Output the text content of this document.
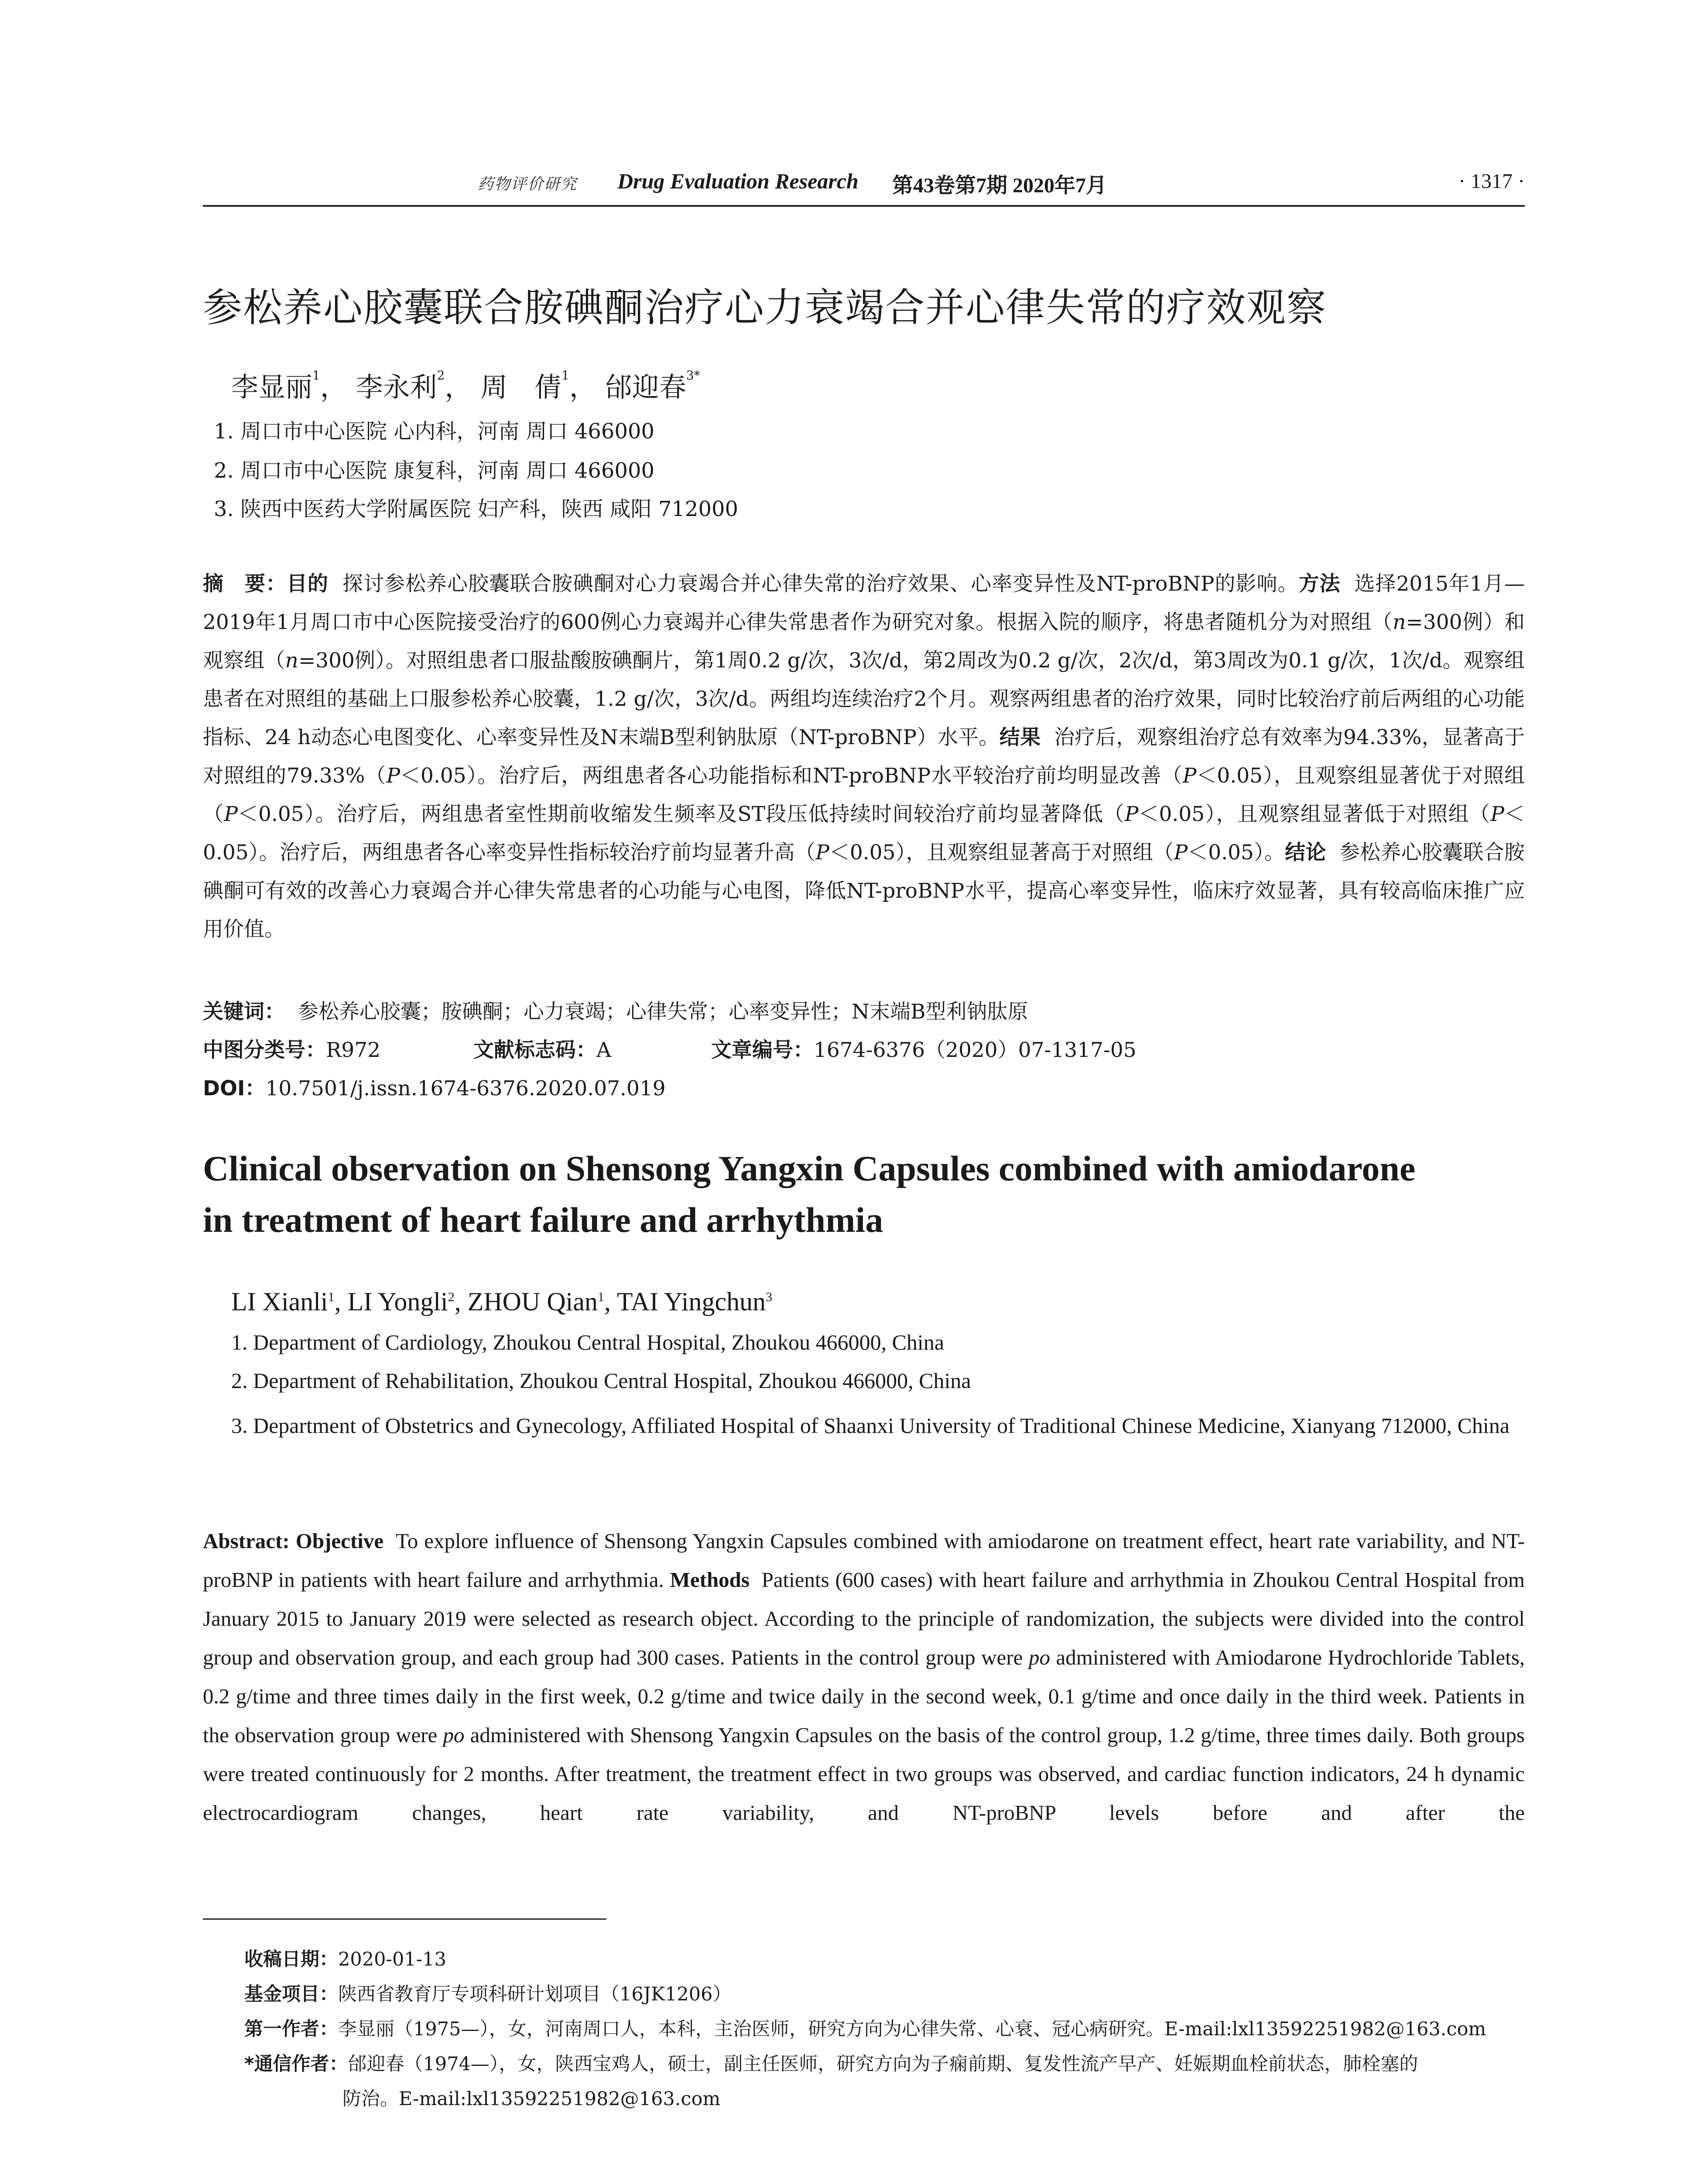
药物评价研究 Drug Evaluation Research 第43卷第7期 2020年7月	· 1317 ·
参松养心胶囊联合胺碘酮治疗心力衰竭合并心律失常的疗效观察
李显丽$^1$， 李永利$^2$， 周　倩$^1$， 邰迎春$^{3*}$
1. 周口市中心医院 心内科，河南 周口 466000
2. 周口市中心医院 康复科，河南 周口 466000
3. 陕西中医药大学附属医院 妇产科，陕西 咸阳 712000
摘　要：目的 探讨参松养心胶囊联合胺碘酮对心力衰竭合并心律失常的治疗效果、心率变异性及NT-proBNP的影响。方法 选择2015年1月—2019年1月周口市中心医院接受治疗的600例心力衰竭并心律失常患者作为研究对象。根据入院的顺序，将患者随机分为对照组（n=300例）和观察组（n=300例）。对照组患者口服盐酸胺碘酮片，第1周0.2 g/次，3次/d，第2周改为0.2 g/次，2次/d，第3周改为0.1 g/次，1次/d。观察组患者在对照组的基础上口服参松养心胶囊，1.2 g/次，3次/d。两组均连续治疗2个月。观察两组患者的治疗效果，同时比较治疗前后两组的心功能指标、24 h动态心电图变化、心率变异性及N末端B型利钠肽原（NT-proBNP）水平。结果 治疗后，观察组治疗总有效率为94.33%，显著高于对照组的79.33%（P＜0.05）。治疗后，两组患者各心功能指标和NT-proBNP水平较治疗前均明显改善（P＜0.05），且观察组显著优于对照组（P＜0.05）。治疗后，两组患者室性期前收缩发生频率及ST段压低持续时间较治疗前均显著降低（P＜0.05），且观察组显著低于对照组（P＜0.05）。治疗后，两组患者各心率变异性指标较治疗前均显著升高（P＜0.05），且观察组显著高于对照组（P＜0.05）。结论 参松养心胶囊联合胺碘酮可有效的改善心力衰竭合并心律失常患者的心功能与心电图，降低NT-proBNP水平，提高心率变异性，临床疗效显著，具有较高临床推广应用价值。
关键词： 参松养心胶囊；胺碘酮；心力衰竭；心律失常；心率变异性；N末端B型利钠肽原
中图分类号：R972	文献标志码：A	文章编号：1674-6376（2020）07-1317-05
DOI：10.7501/j.issn.1674-6376.2020.07.019
Clinical observation on Shensong Yangxin Capsules combined with amiodarone
in treatment of heart failure and arrhythmia
LI Xianli$^1$, LI Yongli$^2$, ZHOU Qian$^1$, TAI Yingchun$^3$
1. Department of Cardiology, Zhoukou Central Hospital, Zhoukou 466000, China
2. Department of Rehabilitation, Zhoukou Central Hospital, Zhoukou 466000, China
3. Department of Obstetrics and Gynecology, Affiliated Hospital of Shaanxi University of Traditional Chinese Medicine, Xianyang 712000, China
Abstract: Objective To explore influence of Shensong Yangxin Capsules combined with amiodarone on treatment effect, heart rate variability, and NT-proBNP in patients with heart failure and arrhythmia. Methods Patients (600 cases) with heart failure and arrhythmia in Zhoukou Central Hospital from January 2015 to January 2019 were selected as research object. According to the principle of randomization, the subjects were divided into the control group and observation group, and each group had 300 cases. Patients in the control group were po administered with Amiodarone Hydrochloride Tablets, 0.2 g/time and three times daily in the first week, 0.2 g/time and twice daily in the second week, 0.1 g/time and once daily in the third week. Patients in the observation group were po administered with Shensong Yangxin Capsules on the basis of the control group, 1.2 g/time, three times daily. Both groups were treated continuously for 2 months. After treatment, the treatment effect in two groups was observed, and cardiac function indicators, 24 h dynamic electrocardiogram changes, heart rate variability, and NT-proBNP levels before and after the
收稿日期：2020-01-13
基金项目：陕西省教育厅专项科研计划项目（16JK1206）
第一作者：李显丽（1975—），女，河南周口人，本科，主治医师，研究方向为心律失常、心衰、冠心病研究。E-mail:lxl13592251982@163.com
*通信作者：邰迎春（1974—），女，陕西宝鸡人，硕士，副主任医师，研究方向为子痫前期、复发性流产早产、妊娠期血栓前状态，肺栓塞的
防治。E-mail:lxl13592251982@163.com
